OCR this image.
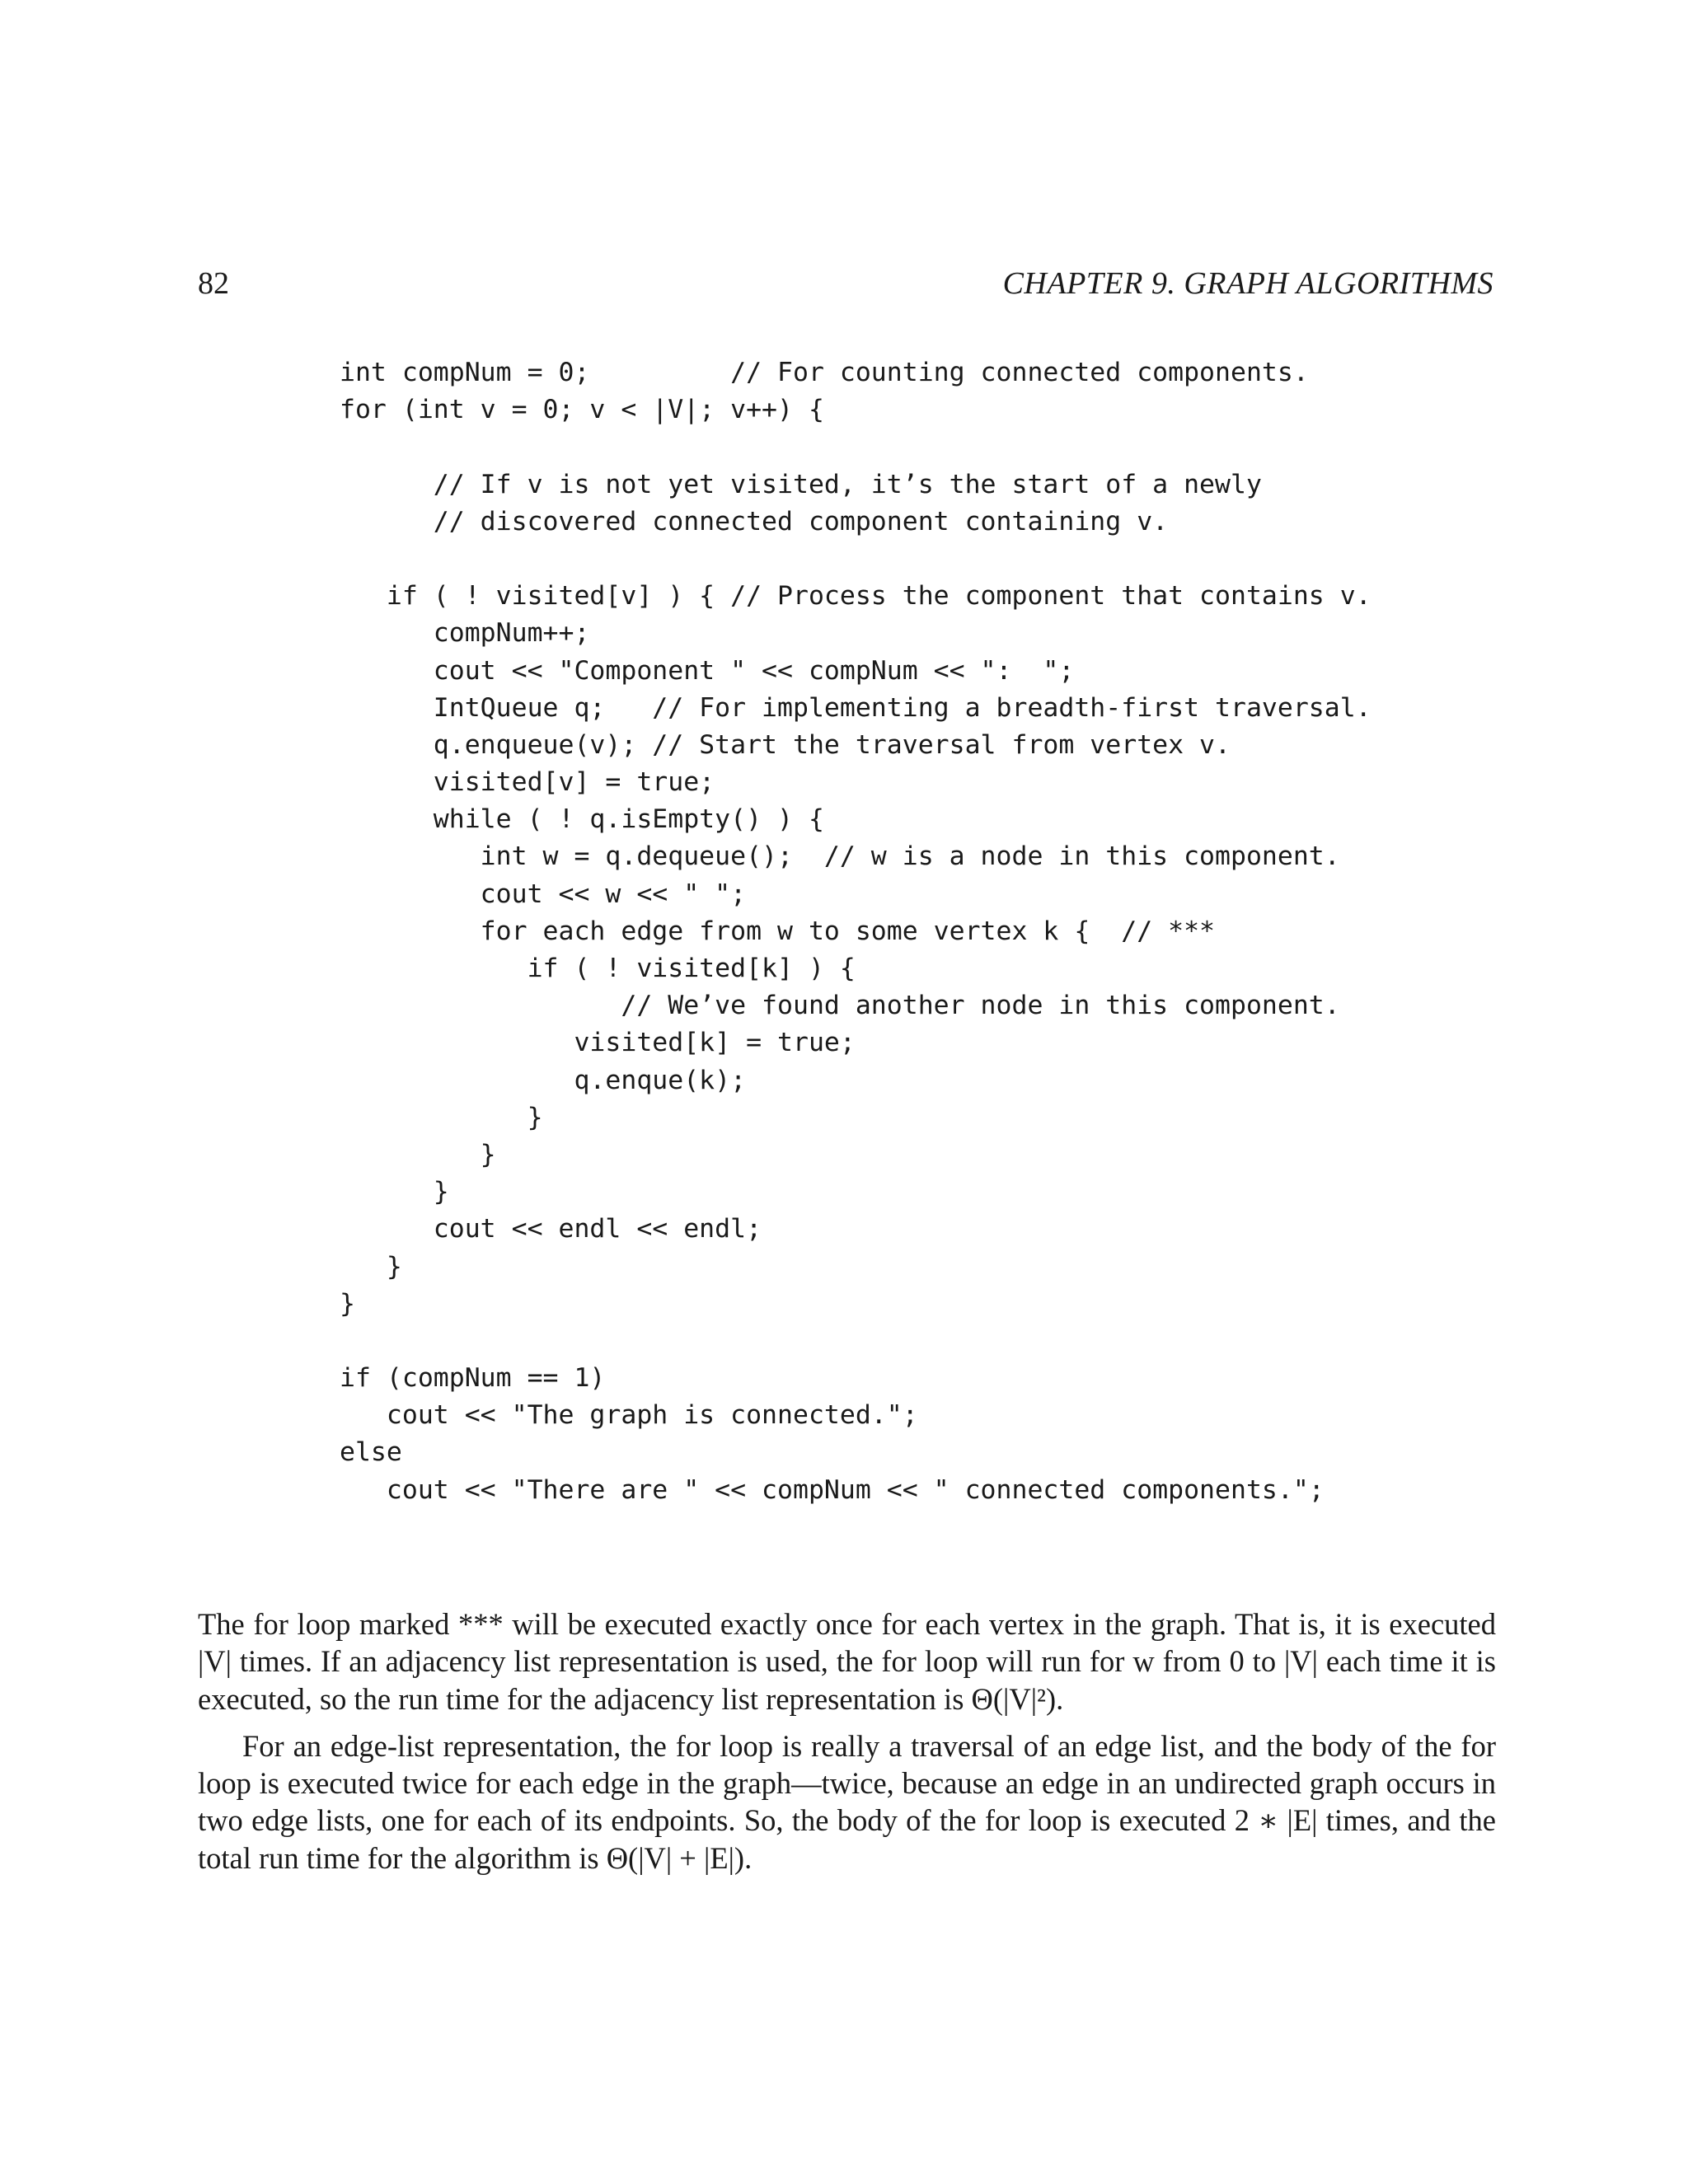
82	CHAPTER 9. GRAPH ALGORITHMS
int compNum = 0;         // For counting connected components.
for (int v = 0; v < |V|; v++) {
// If v is not yet visited, it’s the start of a newly
// discovered connected component containing v.
if ( ! visited[v] ) { // Process the component that contains v.
compNum++;
cout << "Component " << compNum << ":  ";
IntQueue q;   // For implementing a breadth-first traversal.
q.enqueue(v); // Start the traversal from vertex v.
visited[v] = true;
while ( ! q.isEmpty() ) {
int w = q.dequeue();  // w is a node in this component.
cout << w << " ";
for each edge from w to some vertex k {  // ***
if ( ! visited[k] ) {
// We’ve found another node in this component.
visited[k] = true;
q.enque(k);
}
}
}
cout << endl << endl;
}
}
if (compNum == 1)
cout << "The graph is connected.";
else
cout << "There are " << compNum << " connected components.";

The for loop marked *** will be executed exactly once for each vertex in the graph. That is, it is executed |V| times. If an adjacency list representation is used, the for loop will run for w from 0 to |V| each time it is executed, so the run time for the adjacency list representation is Θ(|V|²).

For an edge-list representation, the for loop is really a traversal of an edge list, and the body of the for loop is executed twice for each edge in the graph—twice, because an edge in an undirected graph occurs in two edge lists, one for each of its endpoints. So, the body of the for loop is executed 2 ∗ |E| times, and the total run time for the algorithm is Θ(|V| + |E|).
